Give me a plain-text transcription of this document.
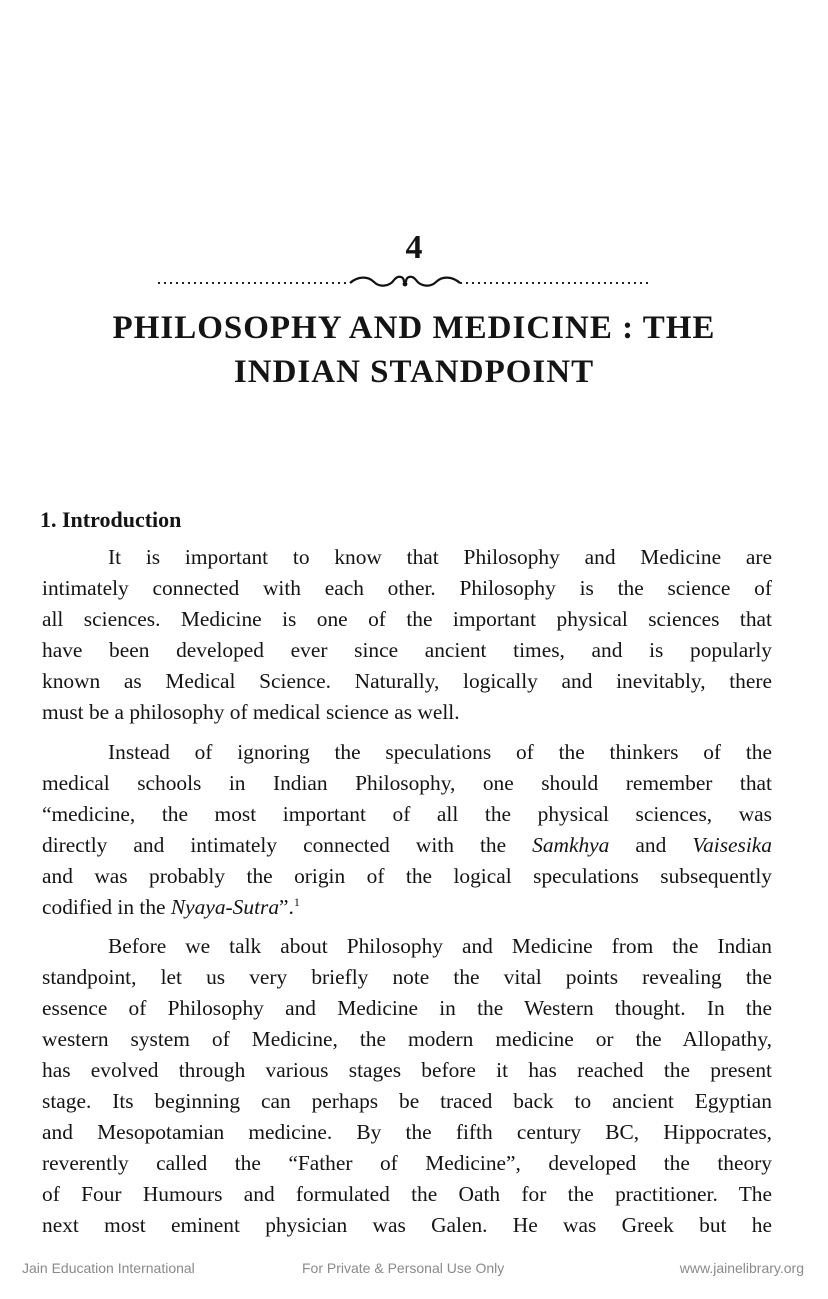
4
PHILOSOPHY AND MEDICINE : THE
INDIAN STANDPOINT
1. Introduction
It is important to know that Philosophy and Medicine are
intimately connected with each other. Philosophy is the science of
all sciences. Medicine is one of the important physical sciences that
have been developed ever since ancient times, and is popularly
known as Medical Science. Naturally, logically and inevitably, there
must be a philosophy of medical science as well.
Instead of ignoring the speculations of the thinkers of the
medical schools in Indian Philosophy, one should remember that
“medicine, the most important of all the physical sciences, was
directly and intimately connected with the Samkhya and Vaisesika
and was probably the origin of the logical speculations subsequently
codified in the Nyaya-Sutra”.$^1$
Before we talk about Philosophy and Medicine from the Indian
standpoint, let us very briefly note the vital points revealing the
essence of Philosophy and Medicine in the Western thought. In the
western system of Medicine, the modern medicine or the Allopathy,
has evolved through various stages before it has reached the present
stage. Its beginning can perhaps be traced back to ancient Egyptian
and Mesopotamian medicine. By the fifth century BC, Hippocrates,
reverently called the “Father of Medicine”, developed the theory
of Four Humours and formulated the Oath for the practitioner. The
next most eminent physician was Galen. He was Greek but he
Jain Education International	For Private & Personal Use Only	www.jainelibrary.org
